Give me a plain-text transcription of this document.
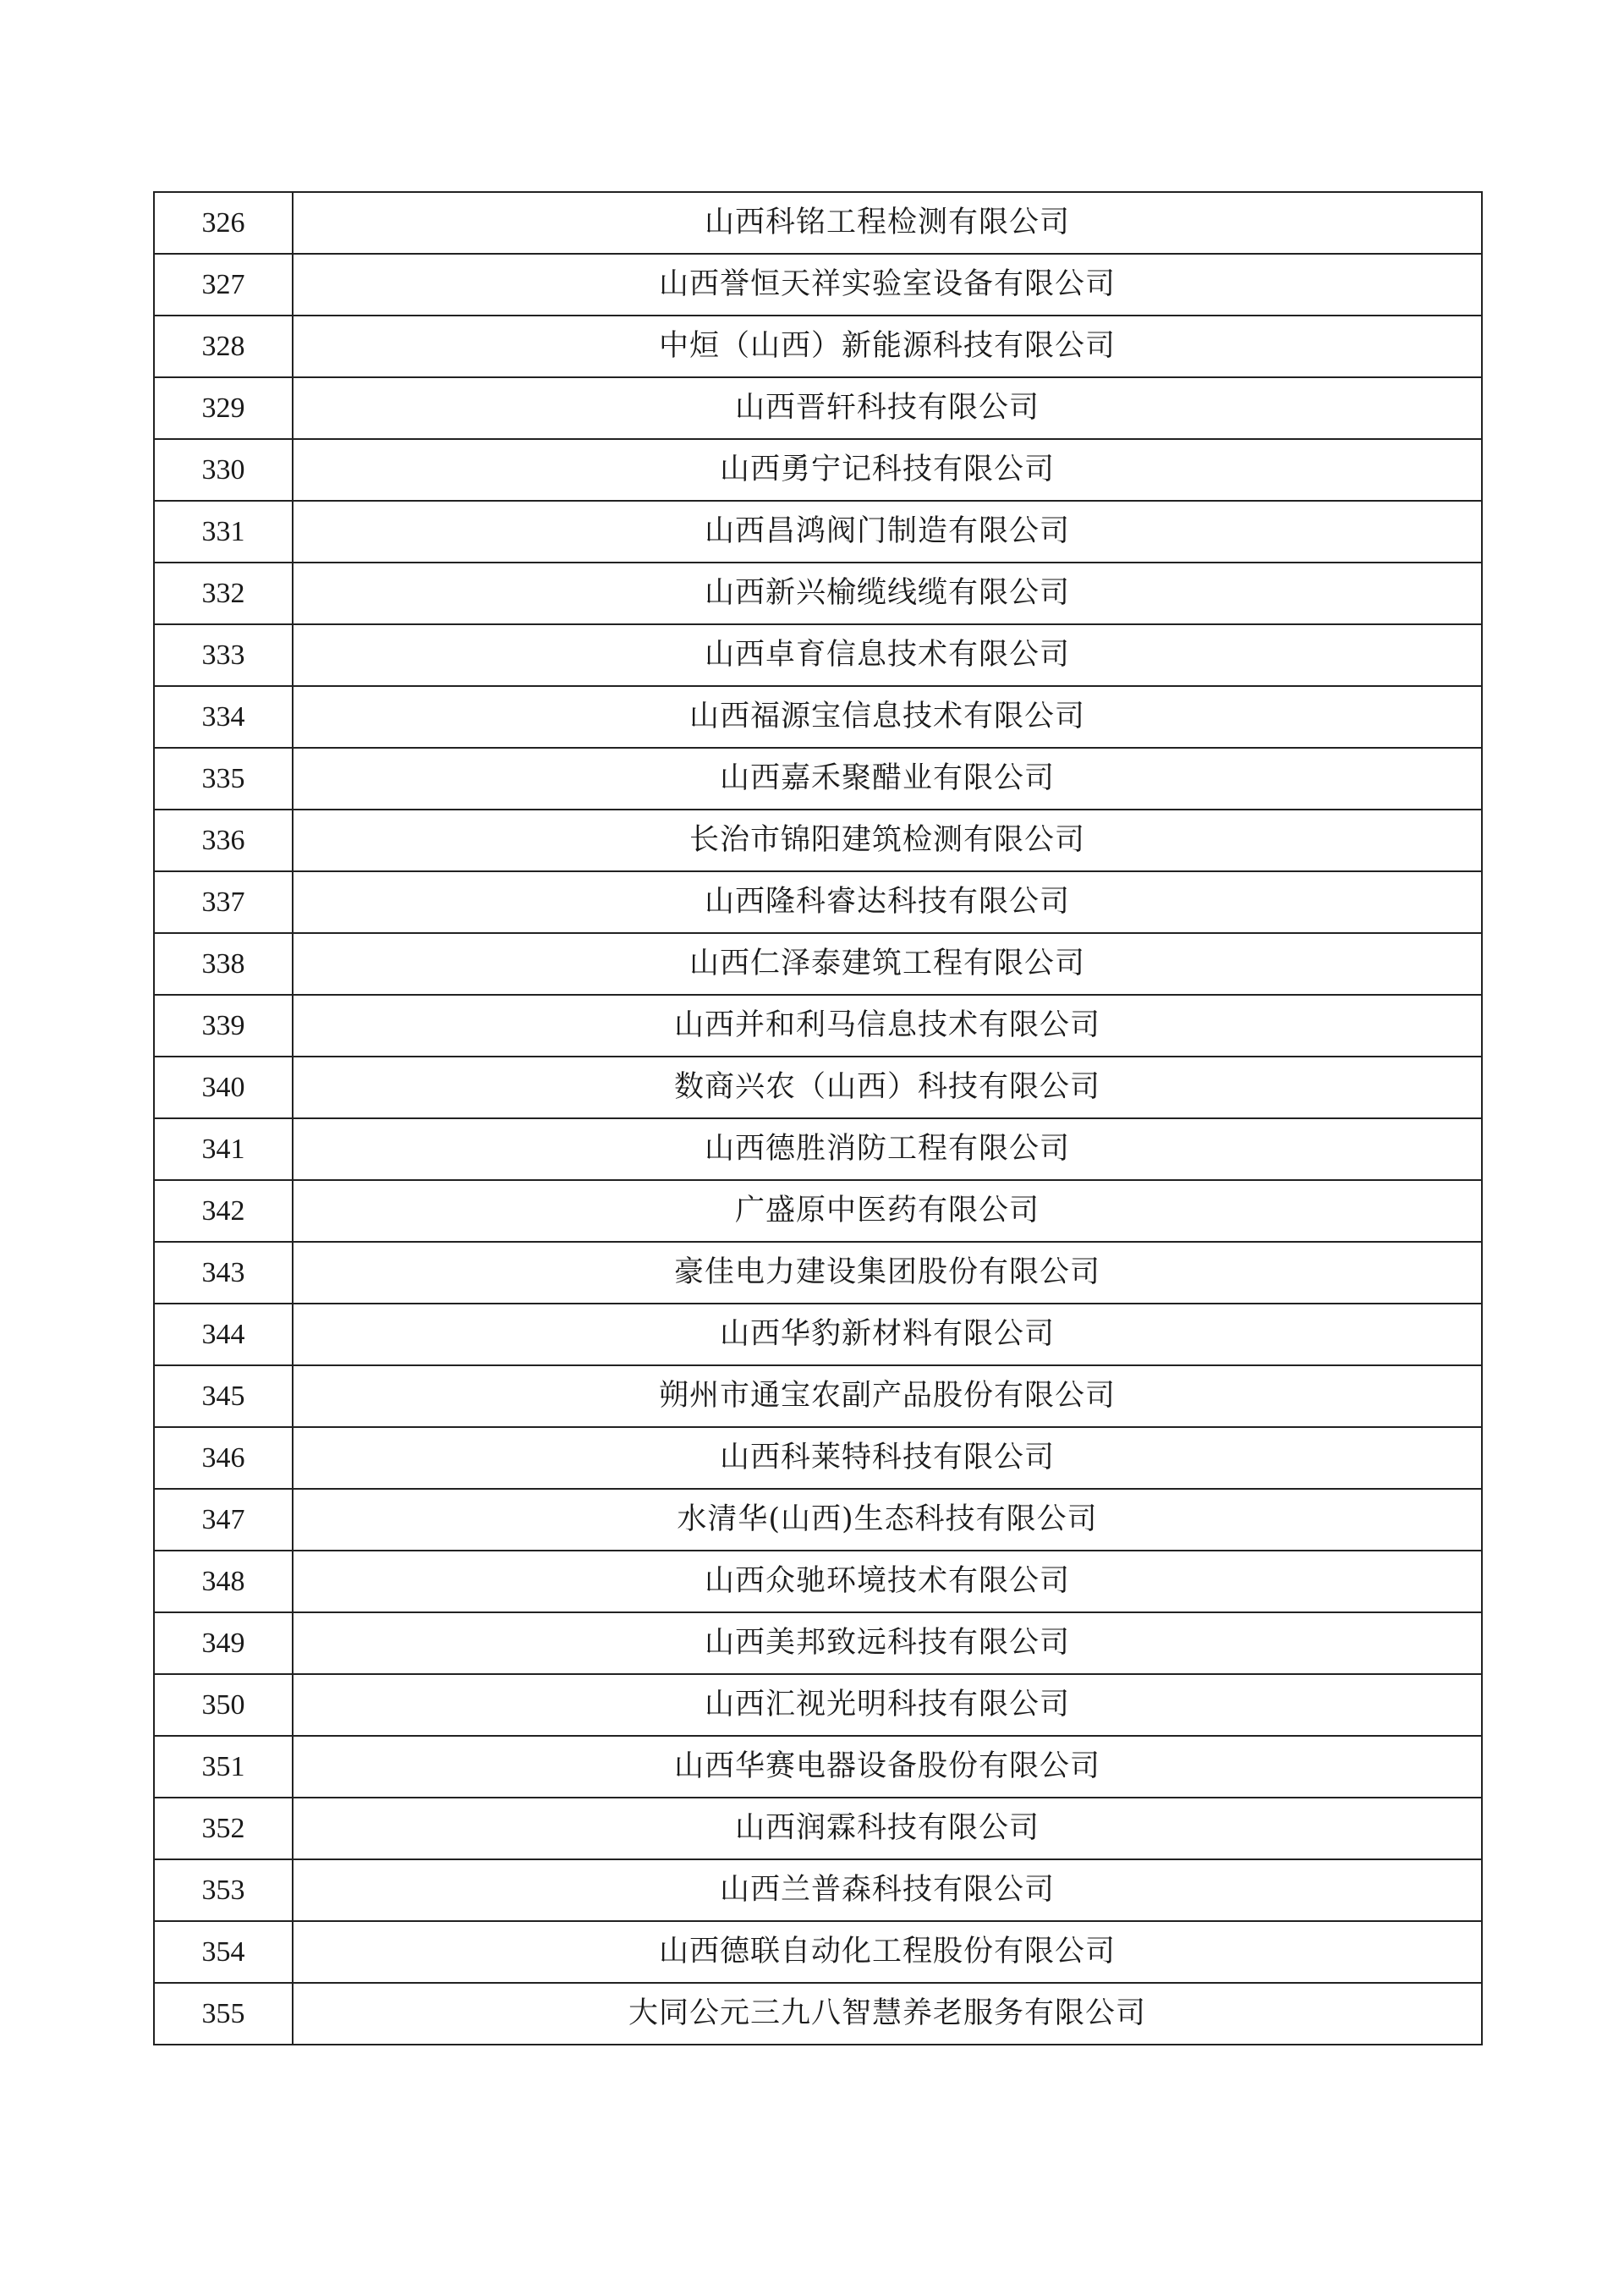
326	山西科铭工程检测有限公司
327	山西誉恒天祥实验室设备有限公司
328	中烜（山西）新能源科技有限公司
329	山西晋轩科技有限公司
330	山西勇宁记科技有限公司
331	山西昌鸿阀门制造有限公司
332	山西新兴榆缆线缆有限公司
333	山西卓育信息技术有限公司
334	山西福源宝信息技术有限公司
335	山西嘉禾聚醋业有限公司
336	长治市锦阳建筑检测有限公司
337	山西隆科睿达科技有限公司
338	山西仁泽泰建筑工程有限公司
339	山西并和利马信息技术有限公司
340	数商兴农（山西）科技有限公司
341	山西德胜消防工程有限公司
342	广盛原中医药有限公司
343	豪佳电力建设集团股份有限公司
344	山西华豹新材料有限公司
345	朔州市通宝农副产品股份有限公司
346	山西科莱特科技有限公司
347	水清华(山西)生态科技有限公司
348	山西众驰环境技术有限公司
349	山西美邦致远科技有限公司
350	山西汇视光明科技有限公司
351	山西华赛电器设备股份有限公司
352	山西润霖科技有限公司
353	山西兰普森科技有限公司
354	山西德联自动化工程股份有限公司
355	大同公元三九八智慧养老服务有限公司
